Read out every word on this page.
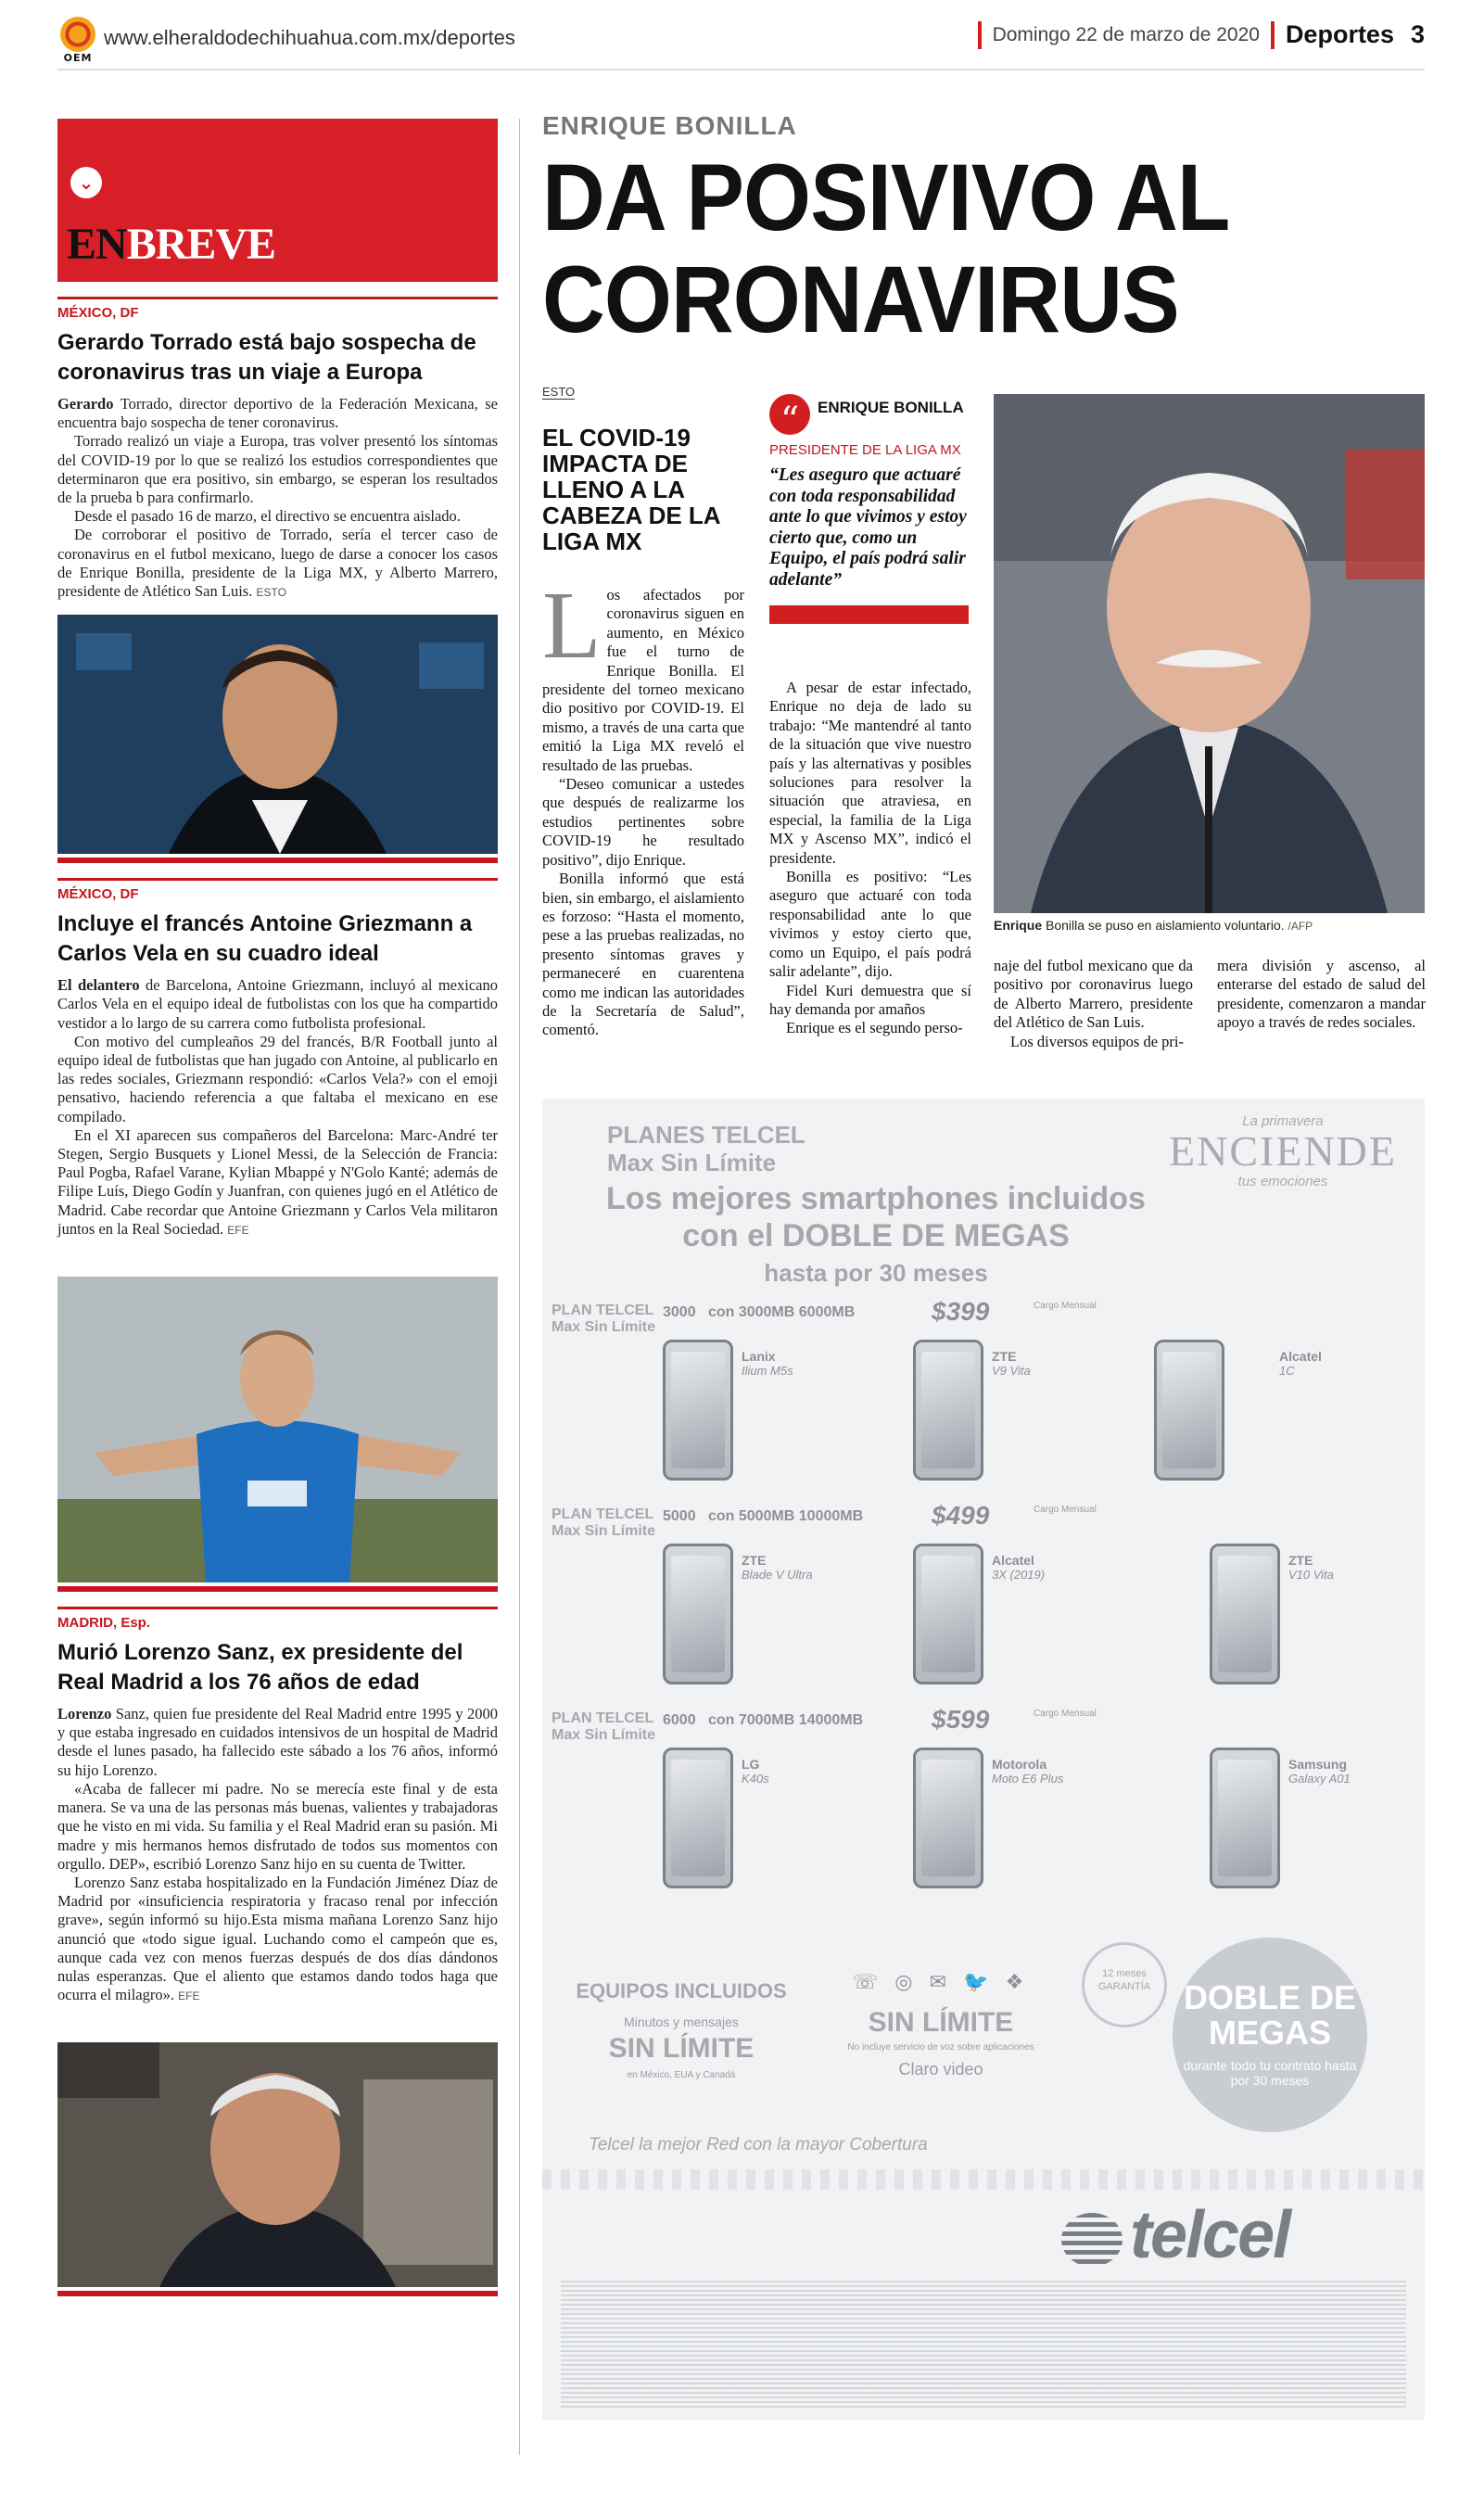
OEM
www.elheraldodechihuahua.com.mx/deportes	Domingo 22 de marzo de 2020 Deportes 3
⌄
ENBREVE
MÉXICO, DF
Gerardo Torrado está bajo sospecha de coronavirus tras un viaje a Europa

Gerardo Torrado, director deportivo de la Federación Mexicana, se encuentra bajo sospecha de tener coronavirus.

Torrado realizó un viaje a Europa, tras volver presentó los síntomas del COVID-19 por lo que se realizó los estudios correspondientes que determinaron que era positivo, sin embargo, se esperan los resultados de la prueba b para confirmarlo.

Desde el pasado 16 de marzo, el directivo se encuentra aislado.

De corroborar el positivo de Torrado, sería el tercer caso de coronavirus en el futbol mexicano, luego de darse a conocer los casos de Enrique Bonilla, presidente de la Liga MX, y Alberto Marrero, presidente de Atlético San Luis. ESTO

MÉXICO, DF
Incluye el francés Antoine Griezmann a Carlos Vela en su cuadro ideal

El delantero de Barcelona, Antoine Griezmann, incluyó al mexicano Carlos Vela en el equipo ideal de futbolistas con los que ha compartido vestidor a lo largo de su carrera como futbolista profesional.

Con motivo del cumpleaños 29 del francés, B/R Football junto al equipo ideal de futbolistas que han jugado con Antoine, al publicarlo en las redes sociales, Griezmann respondió: «Carlos Vela?» con el emoji pensativo, haciendo referencia a que faltaba el mexicano en ese compilado.

En el XI aparecen sus compañeros del Barcelona: Marc-André ter Stegen, Sergio Busquets y Lionel Messi, de la Selección de Francia: Paul Pogba, Rafael Varane, Kylian Mbappé y N'Golo Kanté; además de Filipe Luís, Diego Godín y Juanfran, con quienes jugó en el Atlético de Madrid. Cabe recordar que Antoine Griezmann y Carlos Vela militaron juntos en la Real Sociedad. EFE

MADRID, Esp.
Murió Lorenzo Sanz, ex presidente del Real Madrid a los 76 años de edad

Lorenzo Sanz, quien fue presidente del Real Madrid entre 1995 y 2000 y que estaba ingresado en cuidados intensivos de un hospital de Madrid desde el lunes pasado, ha fallecido este sábado a los 76 años, informó su hijo Lorenzo.

«Acaba de fallecer mi padre. No se merecía este final y de esta manera. Se va una de las personas más buenas, valientes y trabajadoras que he visto en mi vida. Su familia y el Real Madrid eran su pasión. Mi madre y mis hermanos hemos disfrutado de todos sus momentos con orgullo. DEP», escribió Lorenzo Sanz hijo en su cuenta de Twitter.

Lorenzo Sanz estaba hospitalizado en la Fundación Jiménez Díaz de Madrid por «insuficiencia respiratoria y fracaso renal por infección grave», según informó su hijo.Esta misma mañana Lorenzo Sanz hijo anunció que «todo sigue igual. Luchando como el campeón que es, aunque cada vez con menos fuerzas después de dos días dándonos nulas esperanzas. Que el aliento que estamos dando todos haga que ocurra el milagro». EFE

ENRIQUE BONILLA
DA POSIVIVO AL CORONAVIRUS
ESTO
EL COVID-19 IMPACTA DE LLENO A LA CABEZA DE LA LIGA MX
“	ENRIQUE BONILLA
PRESIDENTE DE LA LIGA MX
“Les aseguro que actuaré con toda responsabilidad ante lo que vivimos y estoy cierto que, como un Equipo, el país podrá salir adelante”

Los afectados por coronavirus siguen en aumento, en México fue el turno de Enrique Bonilla. El presidente del torneo mexicano dio positivo por COVID-19. El mismo, a través de una carta que emitió la Liga MX reveló el resultado de las pruebas.

“Deseo comunicar a ustedes que después de realizarme los estudios pertinentes sobre COVID-19 he resultado positivo”, dijo Enrique.

Bonilla informó que está bien, sin embargo, el aislamiento es forzoso: “Hasta el momento, pese a las pruebas realizadas, no presento síntomas graves y permaneceré en cuarentena como me indican las autoridades de la Secretaría de Salud”, comentó.

A pesar de estar infectado, Enrique no deja de lado su trabajo: “Me mantendré al tanto de la situación que vive nuestro país y las alternativas y posibles soluciones para resolver la situación que atraviesa, en especial, la familia de la Liga MX y Ascenso MX”, indicó el presidente.

Bonilla es positivo: “Les aseguro que actuaré con toda responsabilidad ante lo que vivimos y estoy cierto que, como un Equipo, el país podrá salir adelante”, dijo.

Fidel Kuri demuestra que sí hay demanda por amaños

Enrique es el segundo perso-

Enrique Bonilla se puso en aislamiento voluntario. /AFP

naje del futbol mexicano que da positivo por coronavirus luego de Alberto Marrero, presidente del Atlético de San Luis.

Los diversos equipos de pri-

mera división y ascenso, al enterarse del estado de salud del presidente, comenzaron a mandar apoyo a través de redes sociales.

PLANES TELCEL
Max Sin Límite
La primavera
ENCIENDE
tus emociones
Los mejores smartphones incluidos
con el DOBLE DE MEGAS
hasta por 30 meses
PLAN TELCEL
Max Sin Límite
3000 con 3000MB 6000MB	$399	Cargo Mensual
Lanix
Ilium M5s
ZTE
V9 Vita
Alcatel
1C
PLAN TELCEL
Max Sin Límite
5000 con 5000MB 10000MB	$499	Cargo Mensual
ZTE
Blade V Ultra
Alcatel
3X (2019)
ZTE
V10 Vita
PLAN TELCEL
Max Sin Límite
6000 con 7000MB 14000MB	$599	Cargo Mensual
LG
K40s
Motorola
Moto E6 Plus
Samsung
Galaxy A01
EQUIPOS INCLUIDOS
Minutos y mensajes
SIN LÍMITE
en México, EUA y Canadá
☏ ◎ ✉ 🐦 ❖
SIN LÍMITE
No incluye servicio de voz sobre aplicaciones
Claro video
12 meses GARANTÍA DOBLE DE MEGAS
durante todo tu contrato hasta por 30 meses
Telcel la mejor Red con la mayor Cobertura
telcel
